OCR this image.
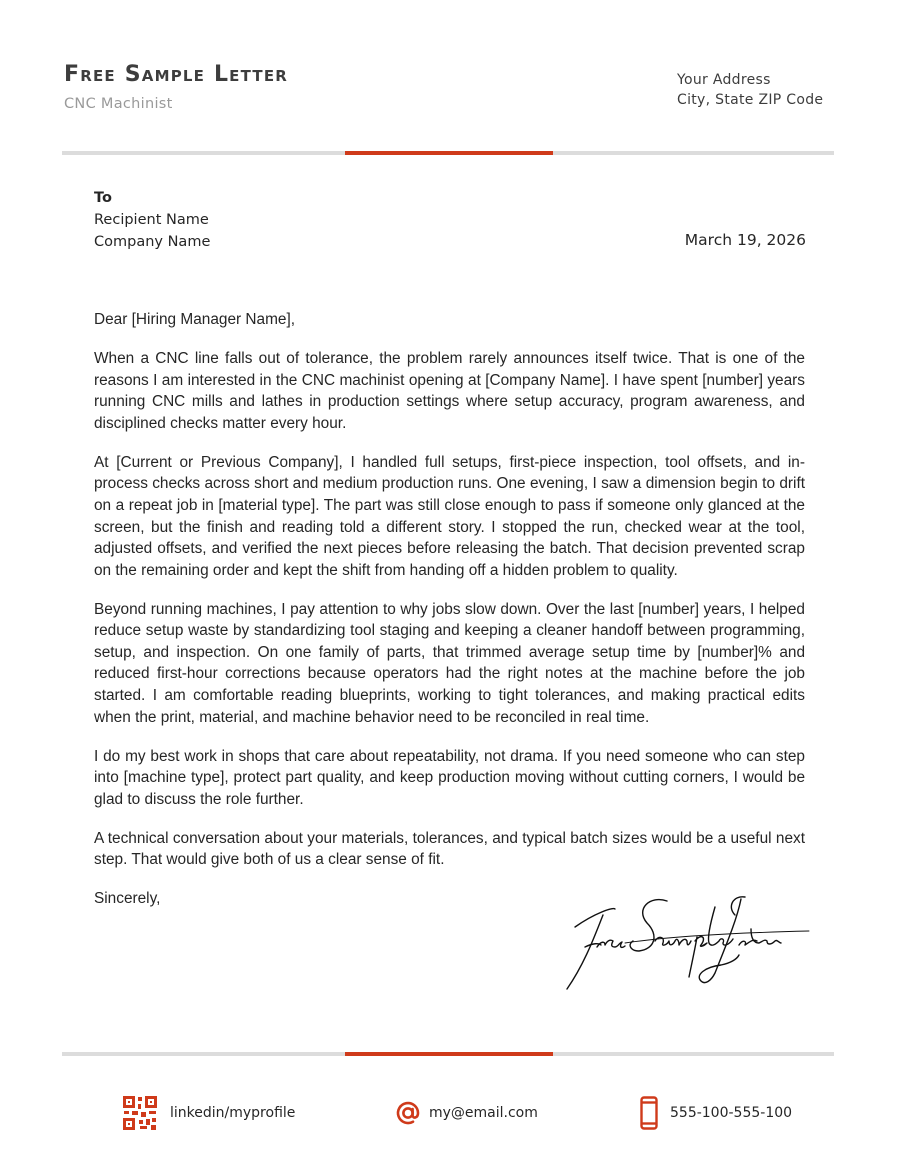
Free Sample Letter
CNC Machinist
Your Address
City, State ZIP Code
To
Recipient Name
Company Name	March 19, 2026

Dear [Hiring Manager Name],

When a CNC line falls out of tolerance, the problem rarely announces itself twice. That is one of the reasons I am interested in the CNC machinist opening at [Company Name]. I have spent [number] years running CNC mills and lathes in production settings where setup accuracy, program awareness, and disciplined checks matter every hour.

At [Current or Previous Company], I handled full setups, first-piece inspection, tool offsets, and in-process checks across short and medium production runs. One evening, I saw a dimension begin to drift on a repeat job in [material type]. The part was still close enough to pass if someone only glanced at the screen, but the finish and reading told a different story. I stopped the run, checked wear at the tool, adjusted offsets, and verified the next pieces before releasing the batch. That decision prevented scrap on the remaining order and kept the shift from handing off a hidden problem to quality.

Beyond running machines, I pay attention to why jobs slow down. Over the last [number] years, I helped reduce setup waste by standardizing tool staging and keeping a cleaner handoff between programming, setup, and inspection. On one family of parts, that trimmed average setup time by [number]% and reduced first-hour corrections because operators had the right notes at the machine before the job started. I am comfortable reading blueprints, working to tight tolerances, and making practical edits when the print, material, and machine behavior need to be reconciled in real time.

I do my best work in shops that care about repeatability, not drama. If you need someone who can step into [machine type], protect part quality, and keep production moving without cutting corners, I would be glad to discuss the role further.

A technical conversation about your materials, tolerances, and typical batch sizes would be a useful next step. That would give both of us a clear sense of fit.

Sincerely,

Free Sample Letter
linkedin/myprofile	my@email.com	555-100-555-100
